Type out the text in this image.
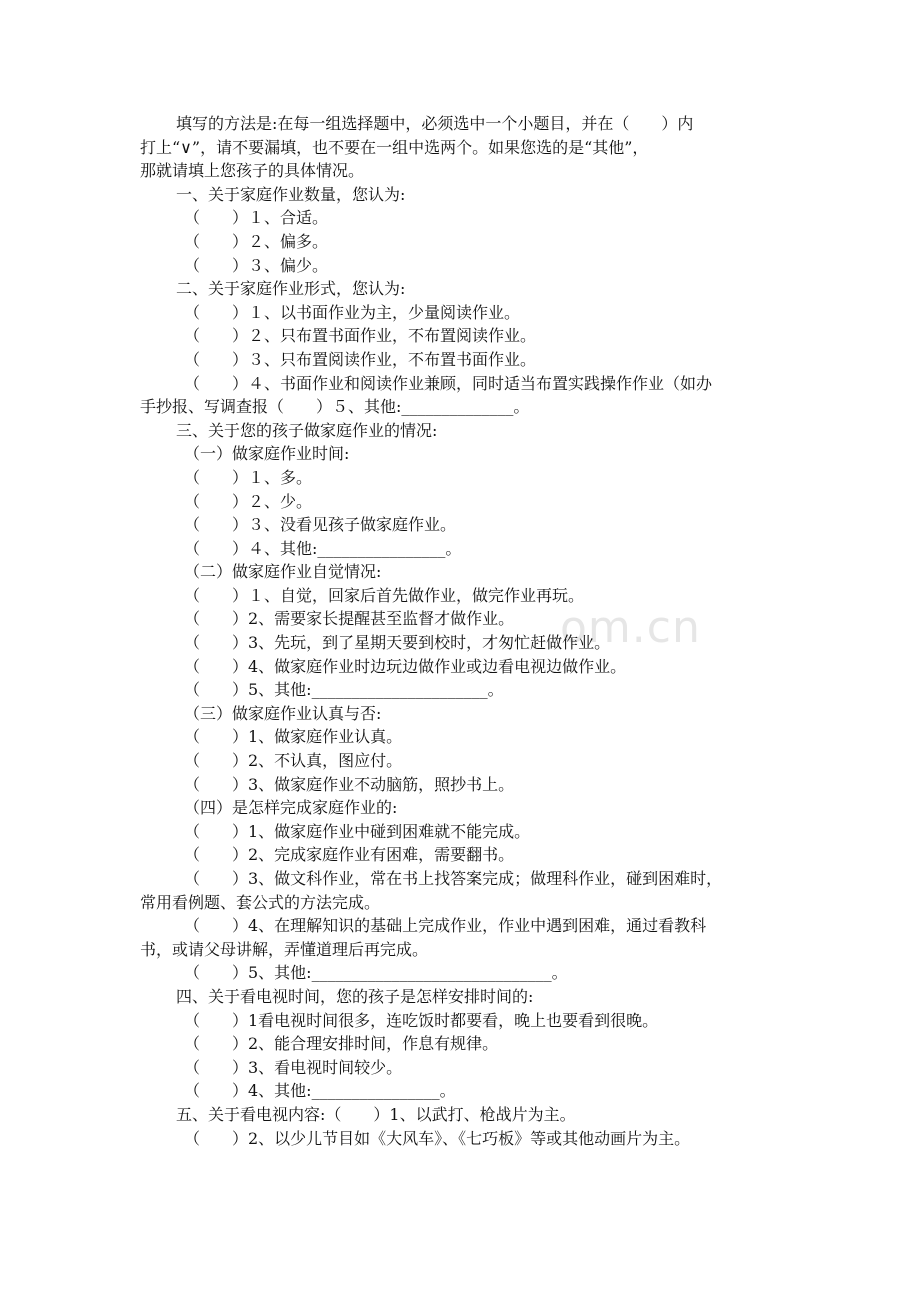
om.cn
填写的方法是:在每一组选择题中，必须选中一个小题目，并在（　　）内
打上“∨”，请不要漏填，也不要在一组中选两个。如果您选的是“其他”，
那就请填上您孩子的具体情况。
一、关于家庭作业数量，您认为:
（　　）１、合适。
（　　）２、偏多。
（　　）３、偏少。
二、关于家庭作业形式，您认为:
（　　）１、以书面作业为主，少量阅读作业。
（　　）２、只布置书面作业，不布置阅读作业。
（　　）３、只布置阅读作业，不布置书面作业。
（　　）４、书面作业和阅读作业兼顾，同时适当布置实践操作作业（如办
手抄报、写调查报（　　）５、其他:______________。
三、关于您的孩子做家庭作业的情况:
（一）做家庭作业时间:
（　　）１、多。
（　　）２、少。
（　　）３、没看见孩子做家庭作业。
（　　）４、其他:________________。
（二）做家庭作业自觉情况:
（　　）１、自觉，回家后首先做作业，做完作业再玩。
（　　）2、需要家长提醒甚至监督才做作业。
（　　）3、先玩，到了星期天要到校时，才匆忙赶做作业。
（　　）4、做家庭作业时边玩边做作业或边看电视边做作业。
（　　）5、其他:______________________。
（三）做家庭作业认真与否:
（　　）1、做家庭作业认真。
（　　）2、不认真，图应付。
（　　）3、做家庭作业不动脑筋，照抄书上。
（四）是怎样完成家庭作业的:
（　　）1、做家庭作业中碰到困难就不能完成。
（　　）2、完成家庭作业有困难，需要翻书。
（　　）3、做文科作业，常在书上找答案完成；做理科作业，碰到困难时，
常用看例题、套公式的方法完成。
（　　）4、在理解知识的基础上完成作业，作业中遇到困难，通过看教科
书，或请父母讲解，弄懂道理后再完成。
（　　）5、其他:______________________________。
四、关于看电视时间，您的孩子是怎样安排时间的:
（　　）1看电视时间很多，连吃饭时都要看，晚上也要看到很晚。
（　　）2、能合理安排时间，作息有规律。
（　　）3、看电视时间较少。
（　　）4、其他:________________。
五、关于看电视内容:（　　）1、以武打、枪战片为主。
（　　）2、以少儿节目如《大风车》、《七巧板》等或其他动画片为主。
